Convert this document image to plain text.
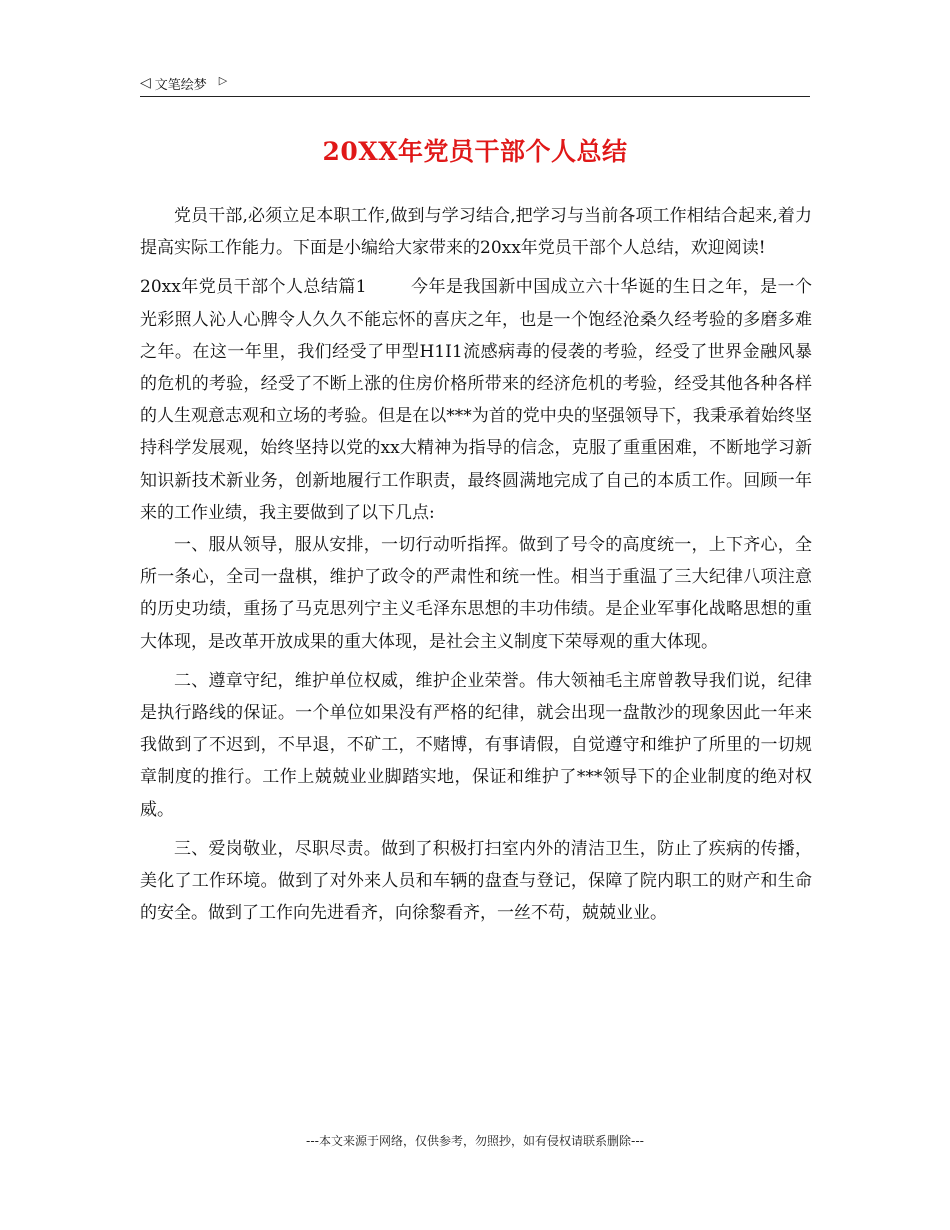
◁ 文笔绘梦 ▷
20XX年党员干部个人总结

党员干部,必须立足本职工作,做到与学习结合,把学习与当前各项工作相结合起来,着力提高实际工作能力。下面是小编给大家带来的20xx年党员干部个人总结，欢迎阅读!

20xx年党员干部个人总结篇1	今年是我国新中国成立六十华诞的生日之年，是一个光彩照人沁人心脾令人久久不能忘怀的喜庆之年，也是一个饱经沧桑久经考验的多磨多难之年。在这一年里，我们经受了甲型H1I1流感病毒的侵袭的考验，经受了世界金融风暴的危机的考验，经受了不断上涨的住房价格所带来的经济危机的考验，经受其他各种各样的人生观意志观和立场的考验。但是在以***为首的党中央的坚强领导下，我秉承着始终坚持科学发展观，始终坚持以党的xx大精神为指导的信念，克服了重重困难，不断地学习新知识新技术新业务，创新地履行工作职责，最终圆满地完成了自己的本质工作。回顾一年来的工作业绩，我主要做到了以下几点:

一、服从领导，服从安排，一切行动听指挥。做到了号令的高度统一，上下齐心，全所一条心，全司一盘棋，维护了政令的严肃性和统一性。相当于重温了三大纪律八项注意的历史功绩，重扬了马克思列宁主义毛泽东思想的丰功伟绩。是企业军事化战略思想的重大体现，是改革开放成果的重大体现，是社会主义制度下荣辱观的重大体现。

二、遵章守纪，维护单位权威，维护企业荣誉。伟大领袖毛主席曾教导我们说，纪律是执行路线的保证。一个单位如果没有严格的纪律，就会出现一盘散沙的现象因此一年来我做到了不迟到，不早退，不矿工，不赌博，有事请假，自觉遵守和维护了所里的一切规章制度的推行。工作上兢兢业业脚踏实地，保证和维护了***领导下的企业制度的绝对权威。

三、爱岗敬业，尽职尽责。做到了积极打扫室内外的清洁卫生，防止了疾病的传播，美化了工作环境。做到了对外来人员和车辆的盘查与登记，保障了院内职工的财产和生命的安全。做到了工作向先进看齐，向徐黎看齐，一丝不苟，兢兢业业。

---本文来源于网络，仅供参考，勿照抄，如有侵权请联系删除---
